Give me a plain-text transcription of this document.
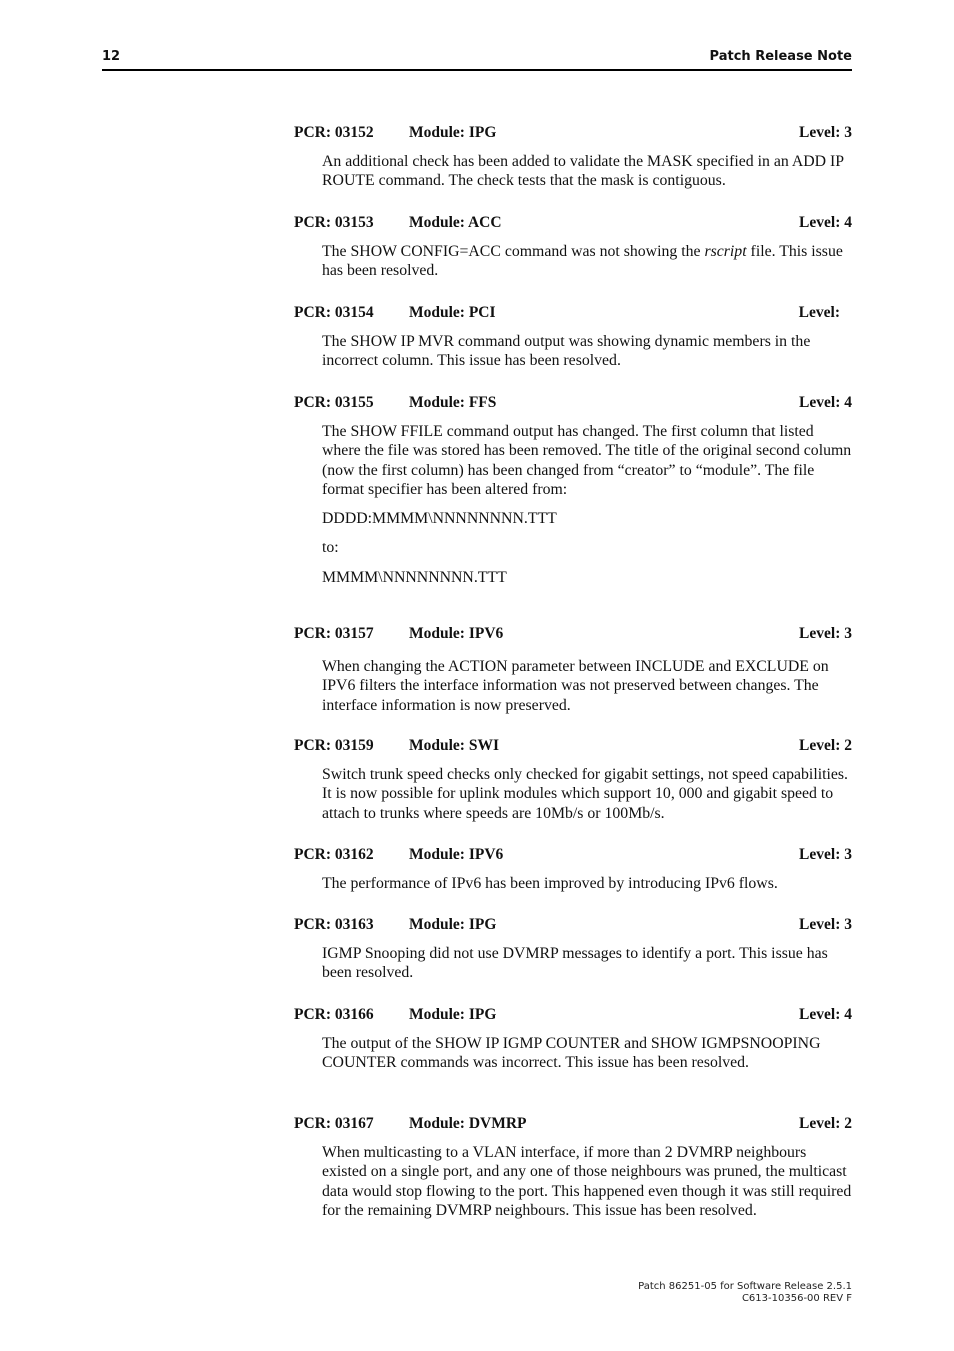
12	Patch Release Note
PCR: 03152 Module: IPG	Level: 3

An additional check has been added to validate the MASK specified in an ADD IP ROUTE command. The check tests that the mask is contiguous.

PCR: 03153 Module: ACC	Level: 4

The SHOW CONFIG=ACC command was not showing the rscript file. This issue has been resolved.

PCR: 03154 Module: PCI	Level:

The SHOW IP MVR command output was showing dynamic members in the incorrect column. This issue has been resolved.

PCR: 03155 Module: FFS	Level: 4

The SHOW FFILE command output has changed. The first column that listed where the file was stored has been removed. The title of the original second column (now the first column) has been changed from “creator” to “module”. The file format specifier has been altered from:

DDDD:MMMM\NNNNNNNN.TTT

to:

MMMM\NNNNNNNN.TTT

PCR: 03157 Module: IPV6	Level: 3

When changing the ACTION parameter between INCLUDE and EXCLUDE on IPV6 filters the interface information was not preserved between changes. The interface information is now preserved.

PCR: 03159 Module: SWI	Level: 2

Switch trunk speed checks only checked for gigabit settings, not speed capabilities. It is now possible for uplink modules which support 10, 000 and gigabit speed to attach to trunks where speeds are 10Mb/s or 100Mb/s.

PCR: 03162 Module: IPV6	Level: 3

The performance of IPv6 has been improved by introducing IPv6 flows.

PCR: 03163 Module: IPG	Level: 3

IGMP Snooping did not use DVMRP messages to identify a port. This issue has been resolved.

PCR: 03166 Module: IPG	Level: 4

The output of the SHOW IP IGMP COUNTER and SHOW IGMPSNOOPING COUNTER commands was incorrect. This issue has been resolved.

PCR: 03167 Module: DVMRP	Level: 2

When multicasting to a VLAN interface, if more than 2 DVMRP neighbours existed on a single port, and any one of those neighbours was pruned, the multicast data would stop flowing to the port. This happened even though it was still required for the remaining DVMRP neighbours. This issue has been resolved.

Patch 86251-05 for Software Release 2.5.1
C613-10356-00 REV F
